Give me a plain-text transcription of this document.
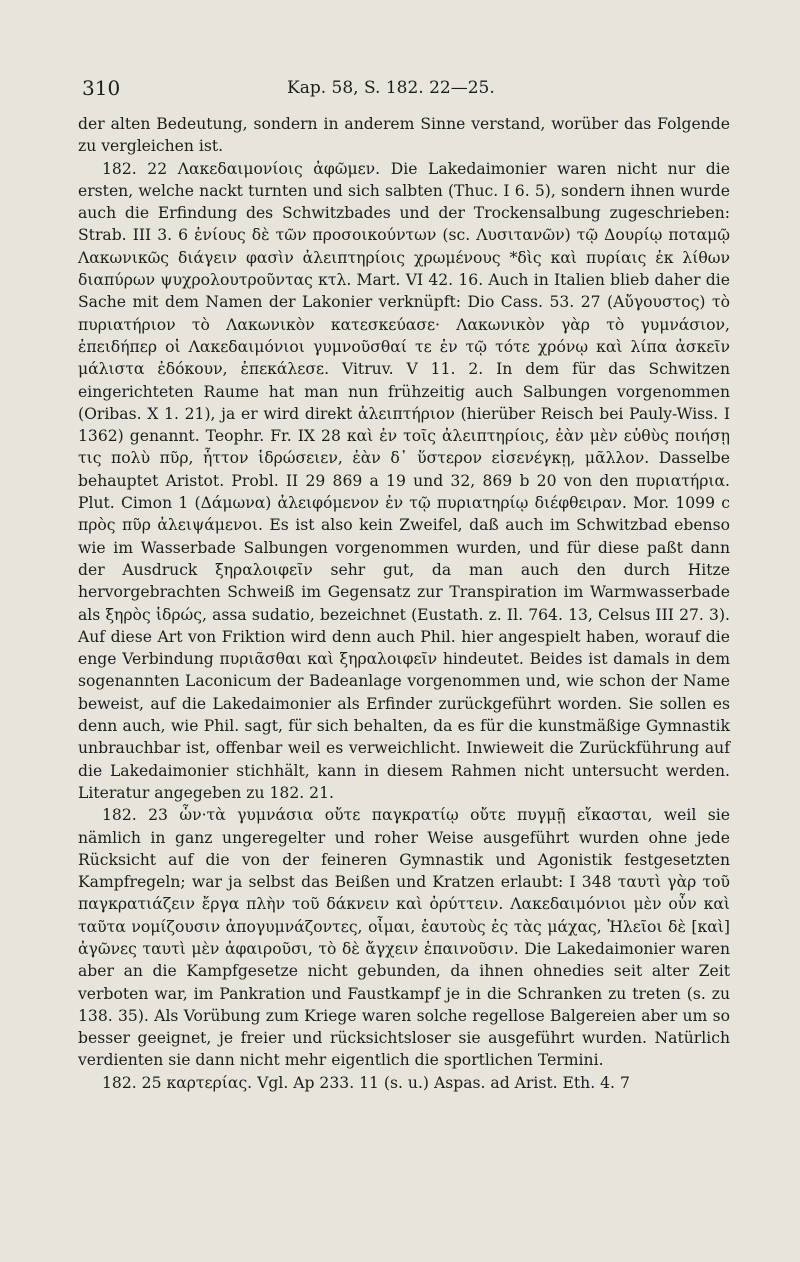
310	Kap. 58, S. 182. 22—25.

der alten Bedeutung, sondern in anderem Sinne verstand, worüber das Folgende zu vergleichen ist.

182. 22 Λακεδαιμονίοις ἀφῶμεν. Die Lakedaimonier waren nicht nur die ersten, welche nackt turnten und sich salbten (Thuc. I 6. 5), sondern ihnen wurde auch die Erfindung des Schwitzbades und der Trockensalbung zugeschrieben: Strab. III 3. 6 ἐνίους δὲ τῶν προσοικούντων (sc. Λυσιτανῶν) τῷ Δουρίῳ ποταμῷ Λακωνικῶς διάγειν φασὶν ἀλειπτηρίοις χρωμένους *δὶς καὶ πυρίαις ἐκ λίθων διαπύρων ψυχρολουτροῦντας κτλ. Mart. VI 42. 16. Auch in Italien blieb daher die Sache mit dem Namen der Lakonier verknüpft: Dio Cass. 53. 27 (Αὔγουστος) τὸ πυριατήριον τὸ Λακωνικὸν κατεσκεύασε· Λακωνικὸν γὰρ τὸ γυμνάσιον, ἐπειδήπερ οἱ Λακεδαιμόνιοι γυμνοῦσθαί τε ἐν τῷ τότε χρόνῳ καὶ λίπα ἀσκεῖν μάλιστα ἐδόκουν, ἐπεκάλεσε. Vitruv. V 11. 2. In dem für das Schwitzen eingerichteten Raume hat man nun frühzeitig auch Salbungen vorgenommen (Oribas. X 1. 21), ja er wird direkt ἀλειπτήριον (hierüber Reisch bei Pauly-Wiss. I 1362) genannt. Teophr. Fr. IX 28 καὶ ἐν τοῖς ἀλειπτηρίοις, ἐὰν μὲν εὐθὺς ποιήσῃ τις πολὺ πῦρ, ἧττον ἱδρώσειεν, ἐὰν δ᾽ ὕστερον εἰσενέγκῃ, μᾶλλον. Dasselbe behauptet Aristot. Probl. II 29 869 a 19 und 32, 869 b 20 von den πυριατήρια. Plut. Cimon 1 (Δάμωνα) ἀλειφόμενον ἐν τῷ πυριατηρίῳ διέφθειραν. Mor. 1099 c πρὸς πῦρ ἀλειψάμενοι. Es ist also kein Zweifel, daß auch im Schwitzbad ebenso wie im Wasserbade Salbungen vorgenommen wurden, und für diese paßt dann der Ausdruck ξηραλοιφεῖν sehr gut, da man auch den durch Hitze hervorgebrachten Schweiß im Gegensatz zur Transpiration im Warmwasserbade als ξηρὸς ἱδρώς, assa sudatio, bezeichnet (Eustath. z. Il. 764. 13, Celsus III 27. 3). Auf diese Art von Friktion wird denn auch Phil. hier angespielt haben, worauf die enge Verbindung πυριᾶσθαι καὶ ξηραλοιφεῖν hindeutet. Beides ist damals in dem sogenannten Laconicum der Badeanlage vorgenommen und, wie schon der Name beweist, auf die Lakedaimonier als Erfinder zurückgeführt worden. Sie sollen es denn auch, wie Phil. sagt, für sich behalten, da es für die kunstmäßige Gymnastik unbrauchbar ist, offenbar weil es verweichlicht. Inwieweit die Zurückführung auf die Lakedaimonier stichhält, kann in diesem Rahmen nicht untersucht werden. Literatur angegeben zu 182. 21.

182. 23 ὧν·τὰ γυμνάσια οὔτε παγκρατίῳ οὔτε πυγμῇ εἴκασται, weil sie nämlich in ganz ungeregelter und roher Weise ausgeführt wurden ohne jede Rücksicht auf die von der feineren Gymnastik und Agonistik festgesetzten Kampfregeln; war ja selbst das Beißen und Kratzen erlaubt: I 348 ταυτὶ γὰρ τοῦ παγκρατιάζειν ἔργα πλὴν τοῦ δάκνειν καὶ ὀρύττειν. Λακεδαιμόνιοι μὲν οὖν καὶ ταῦτα νομίζουσιν ἀπογυμνάζοντες, οἶμαι, ἑαυτοὺς ἐς τὰς μάχας, Ἠλεῖοι δὲ [καὶ] ἀγῶνες ταυτὶ μὲν ἀφαιροῦσι, τὸ δὲ ἄγχειν ἐπαινοῦσιν. Die Lakedaimonier waren aber an die Kampfgesetze nicht gebunden, da ihnen ohnedies seit alter Zeit verboten war, im Pankration und Faustkampf je in die Schranken zu treten (s. zu 138. 35). Als Vorübung zum Kriege waren solche regellose Balgereien aber um so besser geeignet, je freier und rücksichtsloser sie ausgeführt wurden. Natürlich verdienten sie dann nicht mehr eigentlich die sportlichen Termini.

182. 25 καρτερίας. Vgl. Ap 233. 11 (s. u.) Aspas. ad Arist. Eth. 4. 7
